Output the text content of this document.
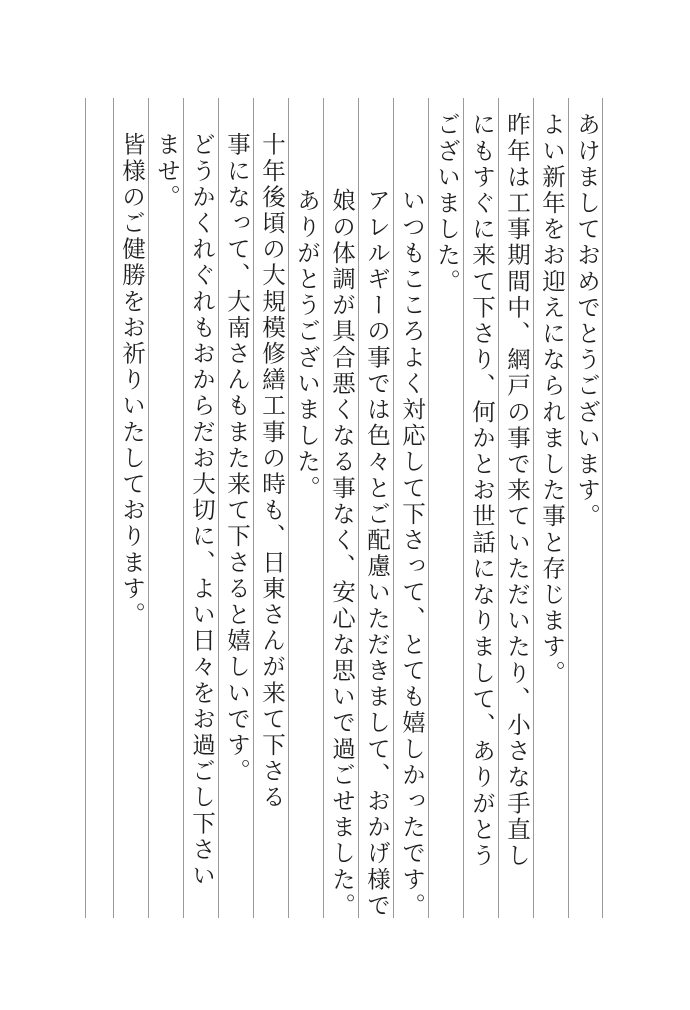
あけましておめでとうございます。
よい新年をお迎えになられました事と存じます。
昨年は工事期間中、網戸の事で来ていただいたり、小さな手直し
にもすぐに来て下さり、何かとお世話になりまして、ありがとう
ございました。
いつもこころよく対応して下さって、とても嬉しかったです。
アレルギーの事では色々とご配慮いただきまして、おかげ様で
娘の体調が具合悪くなる事なく、安心な思いで過ごせました。
ありがとうございました。
十年後頃の大規模修繕工事の時も、日東さんが来て下さる
事になって、大南さんもまた来て下さると嬉しいです。
どうかくれぐれもおからだお大切に、よい日々をお過ごし下さい
ませ。
皆様のご健勝をお祈りいたしております。
